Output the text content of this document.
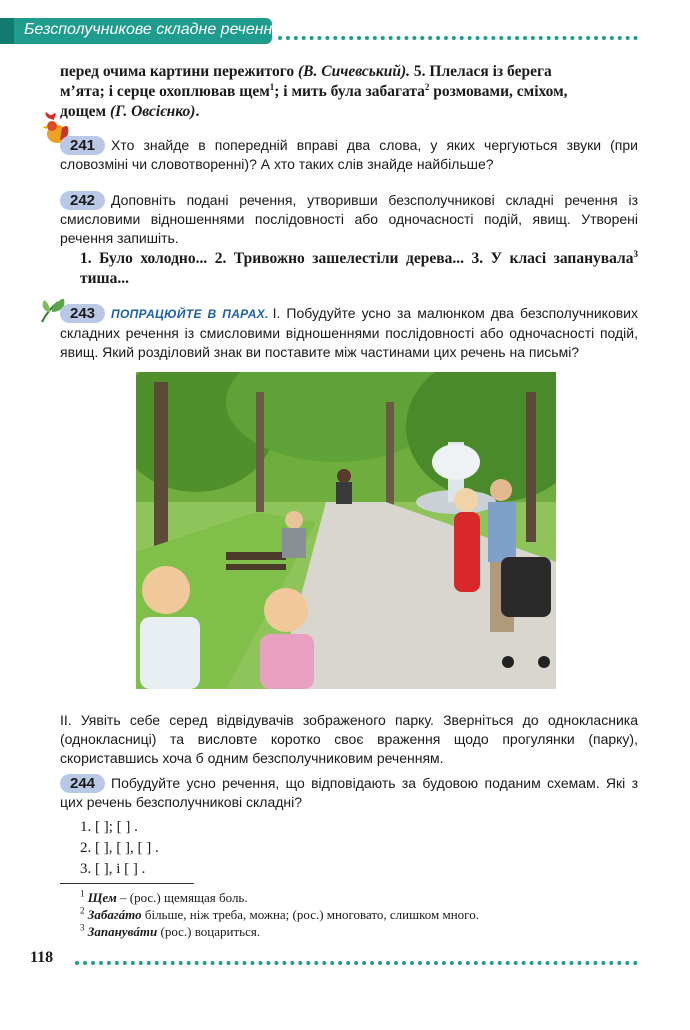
Безсполучникове складне речення
перед очима картини пережитого (В. Сичевський). 5. Плелася із берега
м’ята; і серце охоплював щем$^1$; і мить була забагата$^2$ розмовами, сміхом,
дощем (Г. Овсієнко).
241 Хто знайде в попередній вправі два слова, у яких чергуються звуки (при словозміні чи словотворенні)? А хто таких слів знайде найбільше?
242 Доповніть подані речення, утворивши безсполучникові складні речення із смисловими відношеннями послідовності або одночасності подій, явищ. Утворені речення запишіть.
1. Було холодно... 2. Тривожно зашелестіли дерева... 3. У класі запанувала$^3$ тиша...
243 ПОПРАЦЮЙТЕ В ПАРАХ. І. Побудуйте усно за малюнком два безсполучникових складних речення із смисловими відношеннями послідовності або одночасності подій, явищ. Який розділовий знак ви поставите між частинами цих речень на письмі?
ІІ. Уявіть себе серед відвідувачів зображеного парку. Зверніться до однокласника (однокласниці) та висловте коротко своє враження щодо прогулянки (парку), скориставшись хоча б одним безсполучниковим реченням.
244 Побудуйте усно речення, що відповідають за будовою поданим схемам. Які з цих речень безсполучникові складні?
1. [ ]; [ ] .
2. [ ], [ ], [ ] .
3. [ ], і [ ] .
$^1$ Щем – (рос.) щемящая боль.
$^2$ Забагáто більше, ніж треба, можна; (рос.) многовато, слишком много.
$^3$ Запанувáти (рос.) воцариться.
118
